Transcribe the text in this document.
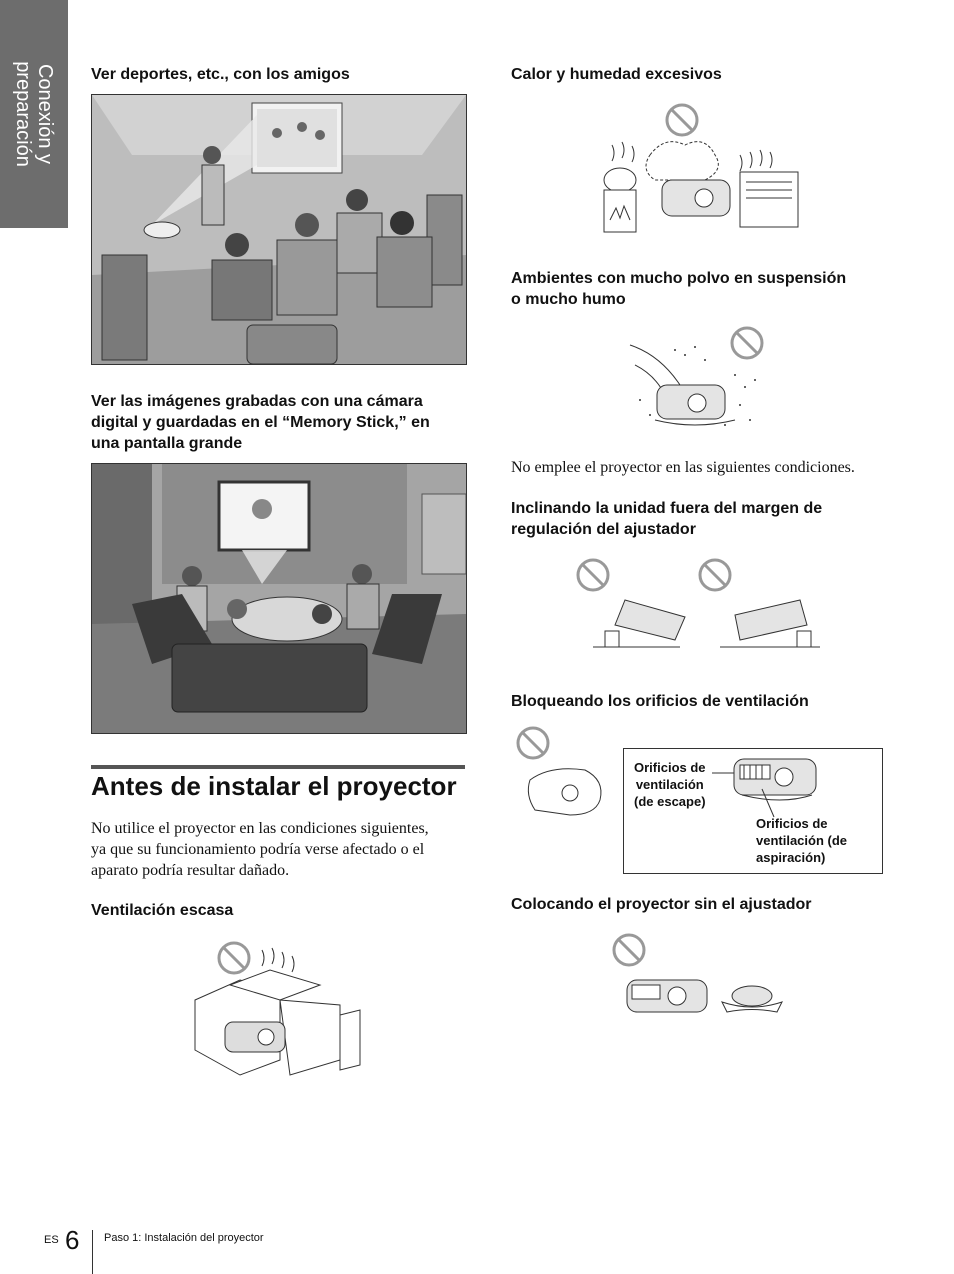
Conexión y
preparación	Ver deportes, etc., con los amigos
Ver las imágenes grabadas con una cámara
digital y guardadas en el “Memory Stick,” en
una pantalla grande
Antes de instalar el proyector
No utilice el proyector en las condiciones siguientes,
ya que su funcionamiento podría verse afectado o el
aparato podría resultar dañado.
Ventilación escasa
Calor y humedad excesivos
Ambientes con mucho polvo en suspensión
o mucho humo
No emplee el proyector en las siguientes condiciones.
Inclinando la unidad fuera del margen de
regulación del ajustador
Bloqueando los orificios de ventilación
Orificios de
ventilación
(de escape)
Orificios de
ventilación (de
aspiración)
Colocando el proyector sin el ajustador
ES 6 Paso 1: Instalación del proyector
